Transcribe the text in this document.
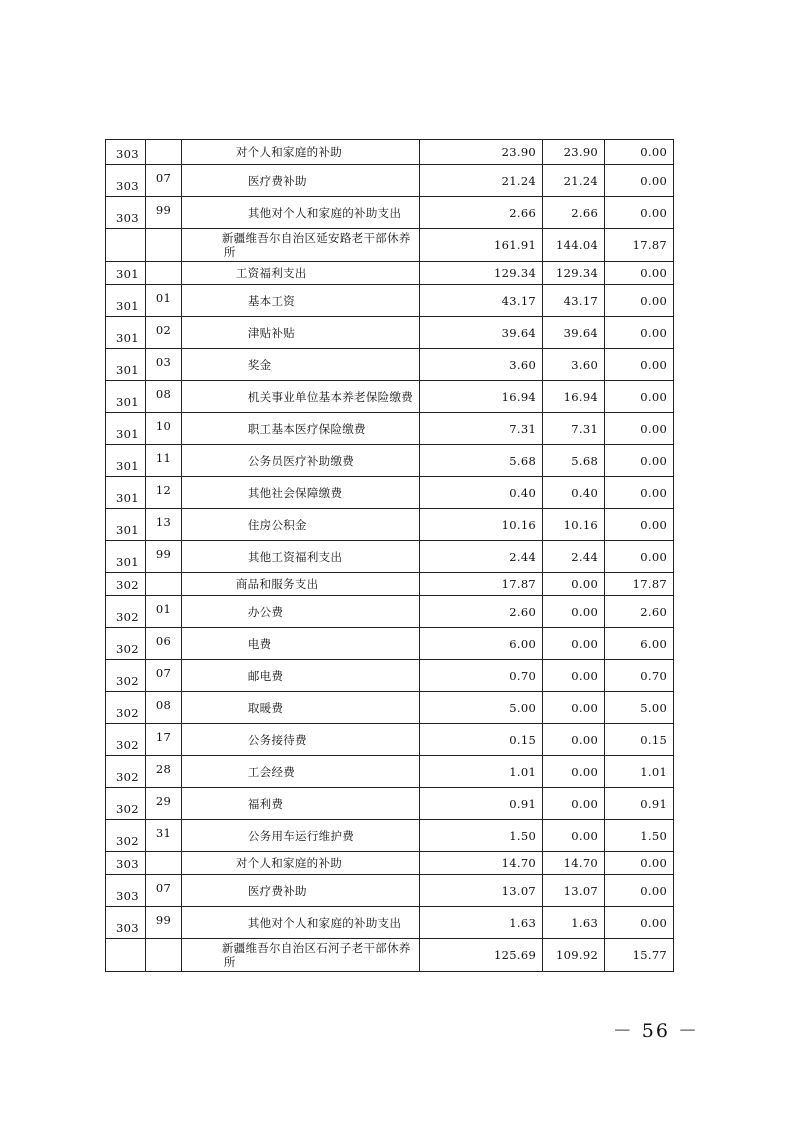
303		对个人和家庭的补助	23.90	23.90	0.00
303	07	医疗费补助	21.24	21.24	0.00
303	99	其他对个人和家庭的补助支出	2.66	2.66	0.00
		新疆维吾尔自治区延安路老干部休养所	161.91	144.04	17.87
301		工资福利支出	129.34	129.34	0.00
301	01	基本工资	43.17	43.17	0.00
301	02	津贴补贴	39.64	39.64	0.00
301	03	奖金	3.60	3.60	0.00
301	08	机关事业单位基本养老保险缴费	16.94	16.94	0.00
301	10	职工基本医疗保险缴费	7.31	7.31	0.00
301	11	公务员医疗补助缴费	5.68	5.68	0.00
301	12	其他社会保障缴费	0.40	0.40	0.00
301	13	住房公积金	10.16	10.16	0.00
301	99	其他工资福利支出	2.44	2.44	0.00
302		商品和服务支出	17.87	0.00	17.87
302	01	办公费	2.60	0.00	2.60
302	06	电费	6.00	0.00	6.00
302	07	邮电费	0.70	0.00	0.70
302	08	取暖费	5.00	0.00	5.00
302	17	公务接待费	0.15	0.00	0.15
302	28	工会经费	1.01	0.00	1.01
302	29	福利费	0.91	0.00	0.91
302	31	公务用车运行维护费	1.50	0.00	1.50
303		对个人和家庭的补助	14.70	14.70	0.00
303	07	医疗费补助	13.07	13.07	0.00
303	99	其他对个人和家庭的补助支出	1.63	1.63	0.00
		新疆维吾尔自治区石河子老干部休养所	125.69	109.92	15.77
－ 56 －
